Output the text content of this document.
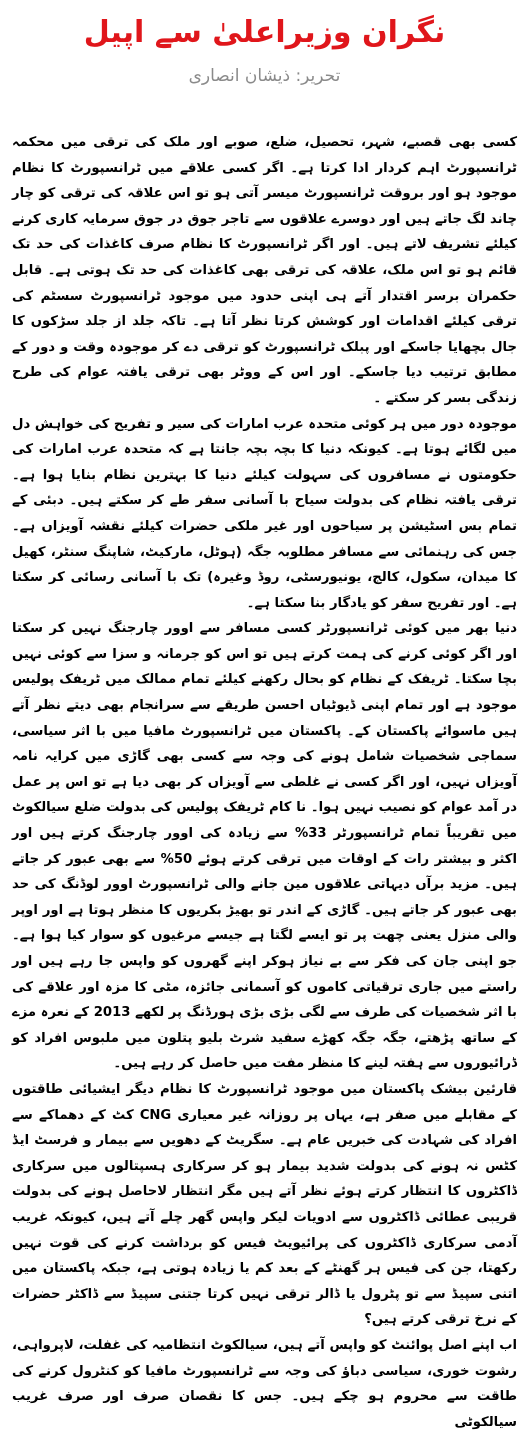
نگران وزیراعلیٰ سے اپیل
تحریر: ذیشان انصاری

کسی بھی قصبے، شہر، تحصیل، ضلع، صوبے اور ملک کی ترقی میں محکمہ ٹرانسپورٹ اہم کردار ادا کرتا ہے۔ اگر کسی علاقے میں ٹرانسپورٹ کا نظام موجود ہو اور بروقت ٹرانسپورٹ میسر آتی ہو تو اس علاقہ کی ترقی کو چار چاند لگ جاتے ہیں اور دوسرے علاقوں سے تاجر جوق در جوق سرمایہ کاری کرنے کیلئے تشریف لاتے ہیں۔ اور اگر ٹرانسپورٹ کا نظام صرف کاغذات کی حد تک قائم ہو تو اس ملک، علاقہ کی ترقی بھی کاغذات کی حد تک ہوتی ہے۔ قابل حکمران برسر اقتدار آتے ہی اپنی حدود میں موجود ٹرانسپورٹ سسٹم کی ترقی کیلئے اقدامات اور کوشش کرتا نظر آتا ہے۔ تاکہ جلد از جلد سڑکوں کا جال بچھایا جاسکے اور پبلک ٹرانسپورٹ کو ترقی دے کر موجودہ وقت و دور کے مطابق ترتیب دیا جاسکے۔ اور اس کے ووٹر بھی ترقی یافتہ عوام کی طرح زندگی بسر کر سکتے ۔

موجودہ دور میں ہر کوئی متحدہ عرب امارات کی سیر و تفریح کی خواہش دل میں لگائے ہوتا ہے۔ کیونکہ دنیا کا بچہ بچہ جانتا ہے کہ متحدہ عرب امارات کی حکومتوں نے مسافروں کی سہولت کیلئے دنیا کا بہترین نظام بنایا ہوا ہے۔ ترقی یافتہ نظام کی بدولت سیاح با آسانی سفر طے کر سکتے ہیں۔ دبئی کے تمام بس اسٹیشن پر سیاحوں اور غیر ملکی حضرات کیلئے نقشہ آویزاں ہے۔ جس کی رہنمائی سے مسافر مطلوبہ جگہ (ہوٹل، مارکیٹ، شاپنگ سنٹر، کھیل کا میدان، سکول، کالج، یونیورسٹی، روڈ وغیرہ) تک با آسانی رسائی کر سکتا ہے۔ اور تفریح سفر کو یادگار بنا سکتا ہے۔

دنیا بھر میں کوئی ٹرانسپورٹر کسی مسافر سے اوور چارجنگ نہیں کر سکتا اور اگر کوئی کرنے کی ہمت کرتے ہیں تو اس کو جرمانہ و سزا سے کوئی نہیں بچا سکتا۔ ٹریفک کے نظام کو بحال رکھنے کیلئے تمام ممالک میں ٹریفک پولیس موجود ہے اور تمام اپنی ڈیوٹیاں احسن طریقے سے سرانجام بھی دیتے نظر آتے ہیں ماسوائے پاکستان کے۔ پاکستان میں ٹرانسپورٹ مافیا میں با اثر سیاسی، سماجی شخصیات شامل ہونے کی وجہ سے کسی بھی گاڑی میں کرایہ نامہ آویزاں نہیں، اور اگر کسی نے غلطی سے آویزاں کر بھی دیا ہے تو اس پر عمل در آمد عوام کو نصیب نہیں ہوا۔ نا کام ٹریفک پولیس کی بدولت ضلع سیالکوٹ میں تقریباً تمام ٹرانسپورٹر 33% سے زیادہ کی اوور چارجنگ کرتے ہیں اور اکثر و بیشتر رات کے اوقات میں ترقی کرتے ہوئے 50% سے بھی عبور کر جاتے ہیں۔ مزید برآں دیہاتی علاقوں مین جانے والی ٹرانسپورٹ اوور لوڈنگ کی حد بھی عبور کر جاتے ہیں۔ گاڑی کے اندر تو بھیڑ بکریوں کا منظر ہوتا ہے اور اوپر والی منزل یعنی چھت پر تو ایسے لگتا ہے جیسے مرغیوں کو سوار کیا ہوا ہے۔ جو اپنی جان کی فکر سے بے نیاز ہوکر اپنے گھروں کو واپس جا رہے ہیں اور راستے میں جاری ترقیاتی کاموں کو آسمانی جائزہ، مٹی کا مزہ اور علاقے کی با اثر شخصیات کی طرف سے لگی بڑی بڑی ہورڈنگ پر لکھے 2013 کے نعرہ مزے کے ساتھ پڑھتے، جگہ جگہ کھڑے سفید شرٹ بلیو پتلون میں ملبوس افراد کو ڈرائیوروں سے ہفتہ لینے کا منظر مفت میں حاصل کر رہے ہیں۔

قارئین بیشک پاکستان میں موجود ٹرانسپورٹ کا نظام دیگر ایشیائی طاقتوں کے مقابلے میں صفر ہے، یہاں پر روزانہ غیر معیاری CNG کٹ کے دھماکے سے افراد کی شہادت کی خبریں عام ہے۔ سگریٹ کے دھویں سے بیمار و فرسٹ ایڈ کٹس نہ ہونے کی بدولت شدید بیمار ہو کر سرکاری ہسپتالوں میں سرکاری ڈاکٹروں کا انتظار کرتے ہوئے نظر آتے ہیں مگر انتظار لاحاصل ہونے کی بدولت قریبی عطائی ڈاکٹروں سے ادویات لیکر واپس گھر چلے آتے ہیں، کیونکہ غریب آدمی سرکاری ڈاکٹروں کی پرائیویٹ فیس کو برداشت کرنے کی قوت نہیں رکھتا، جن کی فیس ہر گھنٹے کے بعد کم یا زیادہ ہوتی ہے، جبکہ پاکستان میں اتنی سپیڈ سے تو پٹرول یا ڈالر ترقی نہیں کرتا جتنی سپیڈ سے ڈاکٹر حضرات کے نرخ ترقی کرتے ہیں؟

اب اپنے اصل پوائنٹ کو واپس آتے ہیں، سیالکوٹ انتظامیہ کی غفلت، لاپرواہی، رشوت خوری، سیاسی دباؤ کی وجہ سے ٹرانسپورٹ مافیا کو کنٹرول کرنے کی طاقت سے محروم ہو چکے ہیں۔ جس کا نقصان صرف اور صرف غریب سیالکوٹی
